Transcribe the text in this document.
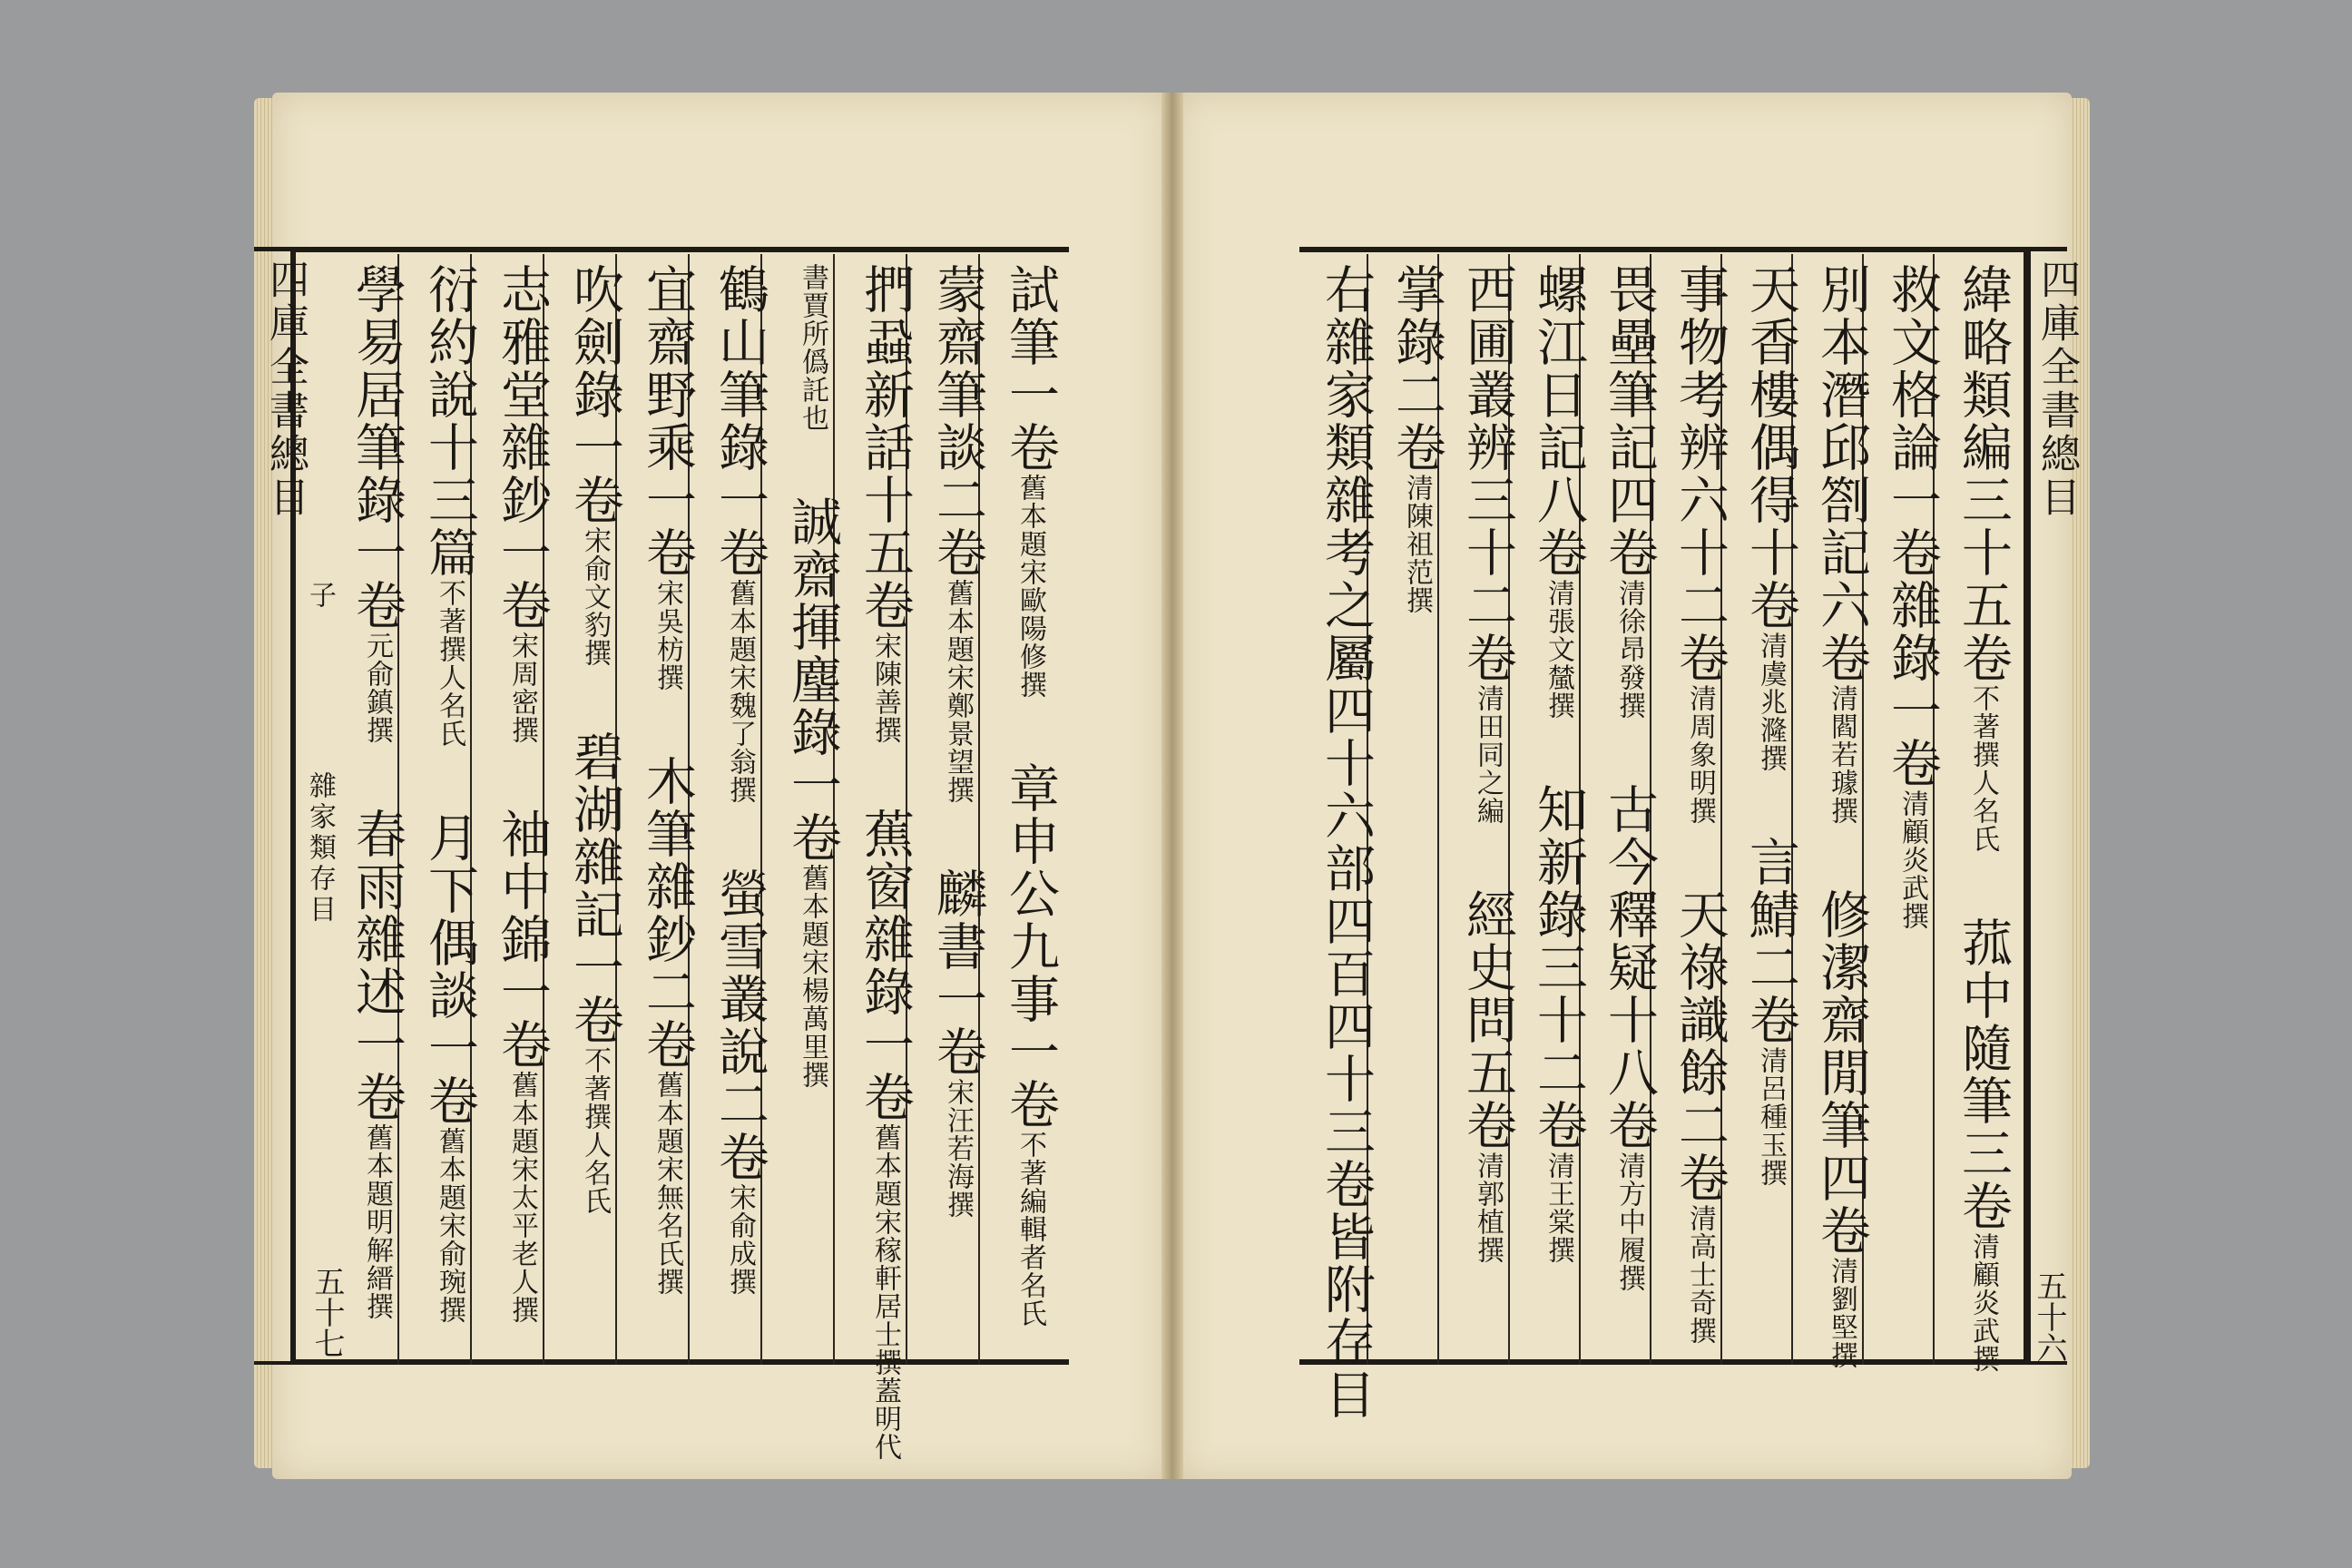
四庫全書總目
子
雜家類存目
五十七
試筆一卷舊本題宋歐陽修撰章申公九事一卷不著編輯者名氏
蒙齋筆談二卷舊本題宋鄭景望撰麟書一卷宋汪若海撰
捫蝨新話十五卷宋陳善撰蕉窗雜錄一卷舊本題宋稼軒居士撰蓋明代
書賈所僞託也誠齋揮麈錄一卷舊本題宋楊萬里撰
鶴山筆錄一卷舊本題宋魏了翁撰螢雪叢說二卷宋俞成撰
宜齋野乘一卷宋吳枋撰木筆雜鈔二卷舊本題宋無名氏撰
吹劍錄一卷宋俞文豹撰碧湖雜記一卷不著撰人名氏
志雅堂雜鈔一卷宋周密撰袖中錦一卷舊本題宋太平老人撰
衍約說十三篇不著撰人名氏月下偶談一卷舊本題宋俞琬撰
學易居筆錄一卷元俞鎮撰春雨雜述一卷舊本題明解縉撰
四庫全書總目
五十六
緯略類編三十五卷不著撰人名氏菰中隨筆三卷清顧炎武撰
救文格論一卷雜錄一卷清顧炎武撰
別本潛邱劄記六卷清閻若璩撰修潔齋閒筆四卷清劉堅撰
天香樓偶得十卷清虞兆漋撰言鯖二卷清呂種玉撰
事物考辨六十二卷清周象明撰天祿識餘二卷清高士奇撰
畏壘筆記四卷清徐昂發撰古今釋疑十八卷清方中履撰
螺江日記八卷清張文檒撰知新錄三十二卷清王棠撰
西圃叢辨三十二卷清田同之編經史問五卷清郭植撰
掌錄二卷清陳祖范撰
右雜家類雜考之屬四十六部四百四十三卷皆附存目
